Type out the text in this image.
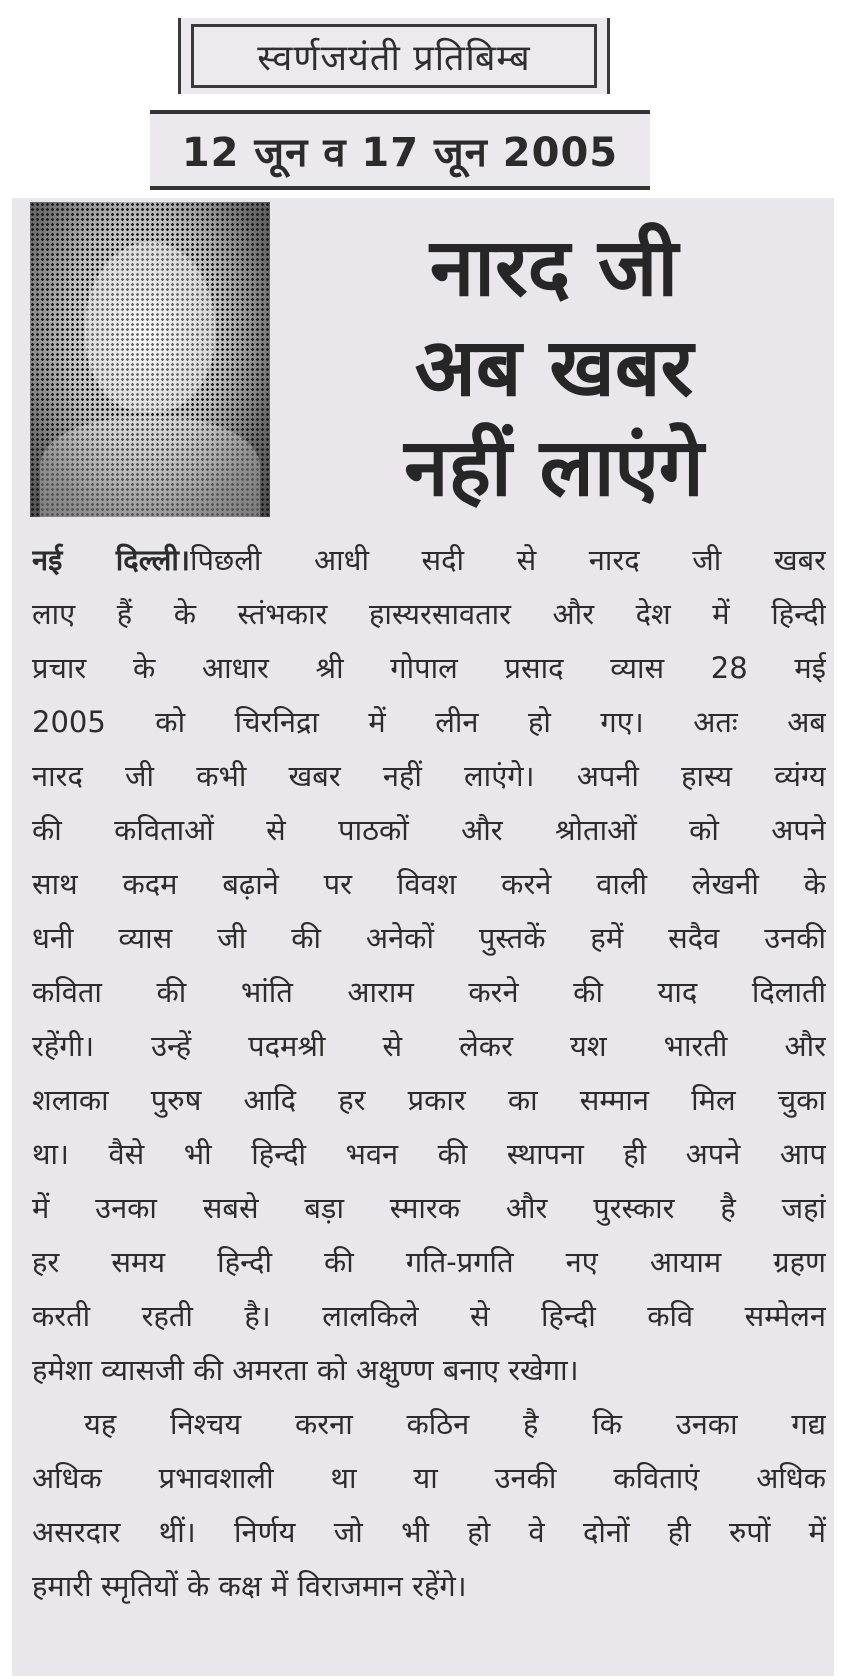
स्वर्णजयंती प्रतिबिम्ब
12 जून व 17 जून 2005
नारद जी
अब खबर
नहीं लाएंगे

नई दिल्ली।पिछली आधी सदी से नारद जी खबर
लाए हैं के स्तंभकार हास्यरसावतार और देश में हिन्दी
प्रचार के आधार श्री गोपाल प्रसाद व्यास 28 मई
2005 को चिरनिद्रा में लीन हो गए। अतः अब
नारद जी कभी खबर नहीं लाएंगे। अपनी हास्य व्यंग्य
की कविताओं से पाठकों और श्रोताओं को अपने
साथ कदम बढ़ाने पर विवश करने वाली लेखनी के
धनी व्यास जी की अनेकों पुस्तकें हमें सदैव उनकी
कविता की भांति आराम करने की याद दिलाती
रहेंगी। उन्हें पदमश्री से लेकर यश भारती और
शलाका पुरुष आदि हर प्रकार का सम्मान मिल चुका
था। वैसे भी हिन्दी भवन की स्थापना ही अपने आप
में उनका सबसे बड़ा स्मारक और पुरस्कार है जहां
हर समय हिन्दी की गति-प्रगति नए आयाम ग्रहण
करती रहती है। लालकिले से हिन्दी कवि सम्मेलन
हमेशा व्यासजी की अमरता को अक्षुण्ण बनाए रखेगा।

यह निश्चय करना कठिन है कि उनका गद्य
अधिक प्रभावशाली था या उनकी कविताएं अधिक
असरदार थीं। निर्णय जो भी हो वे दोनों ही रुपों में
हमारी स्मृतियों के कक्ष में विराजमान रहेंगे।
